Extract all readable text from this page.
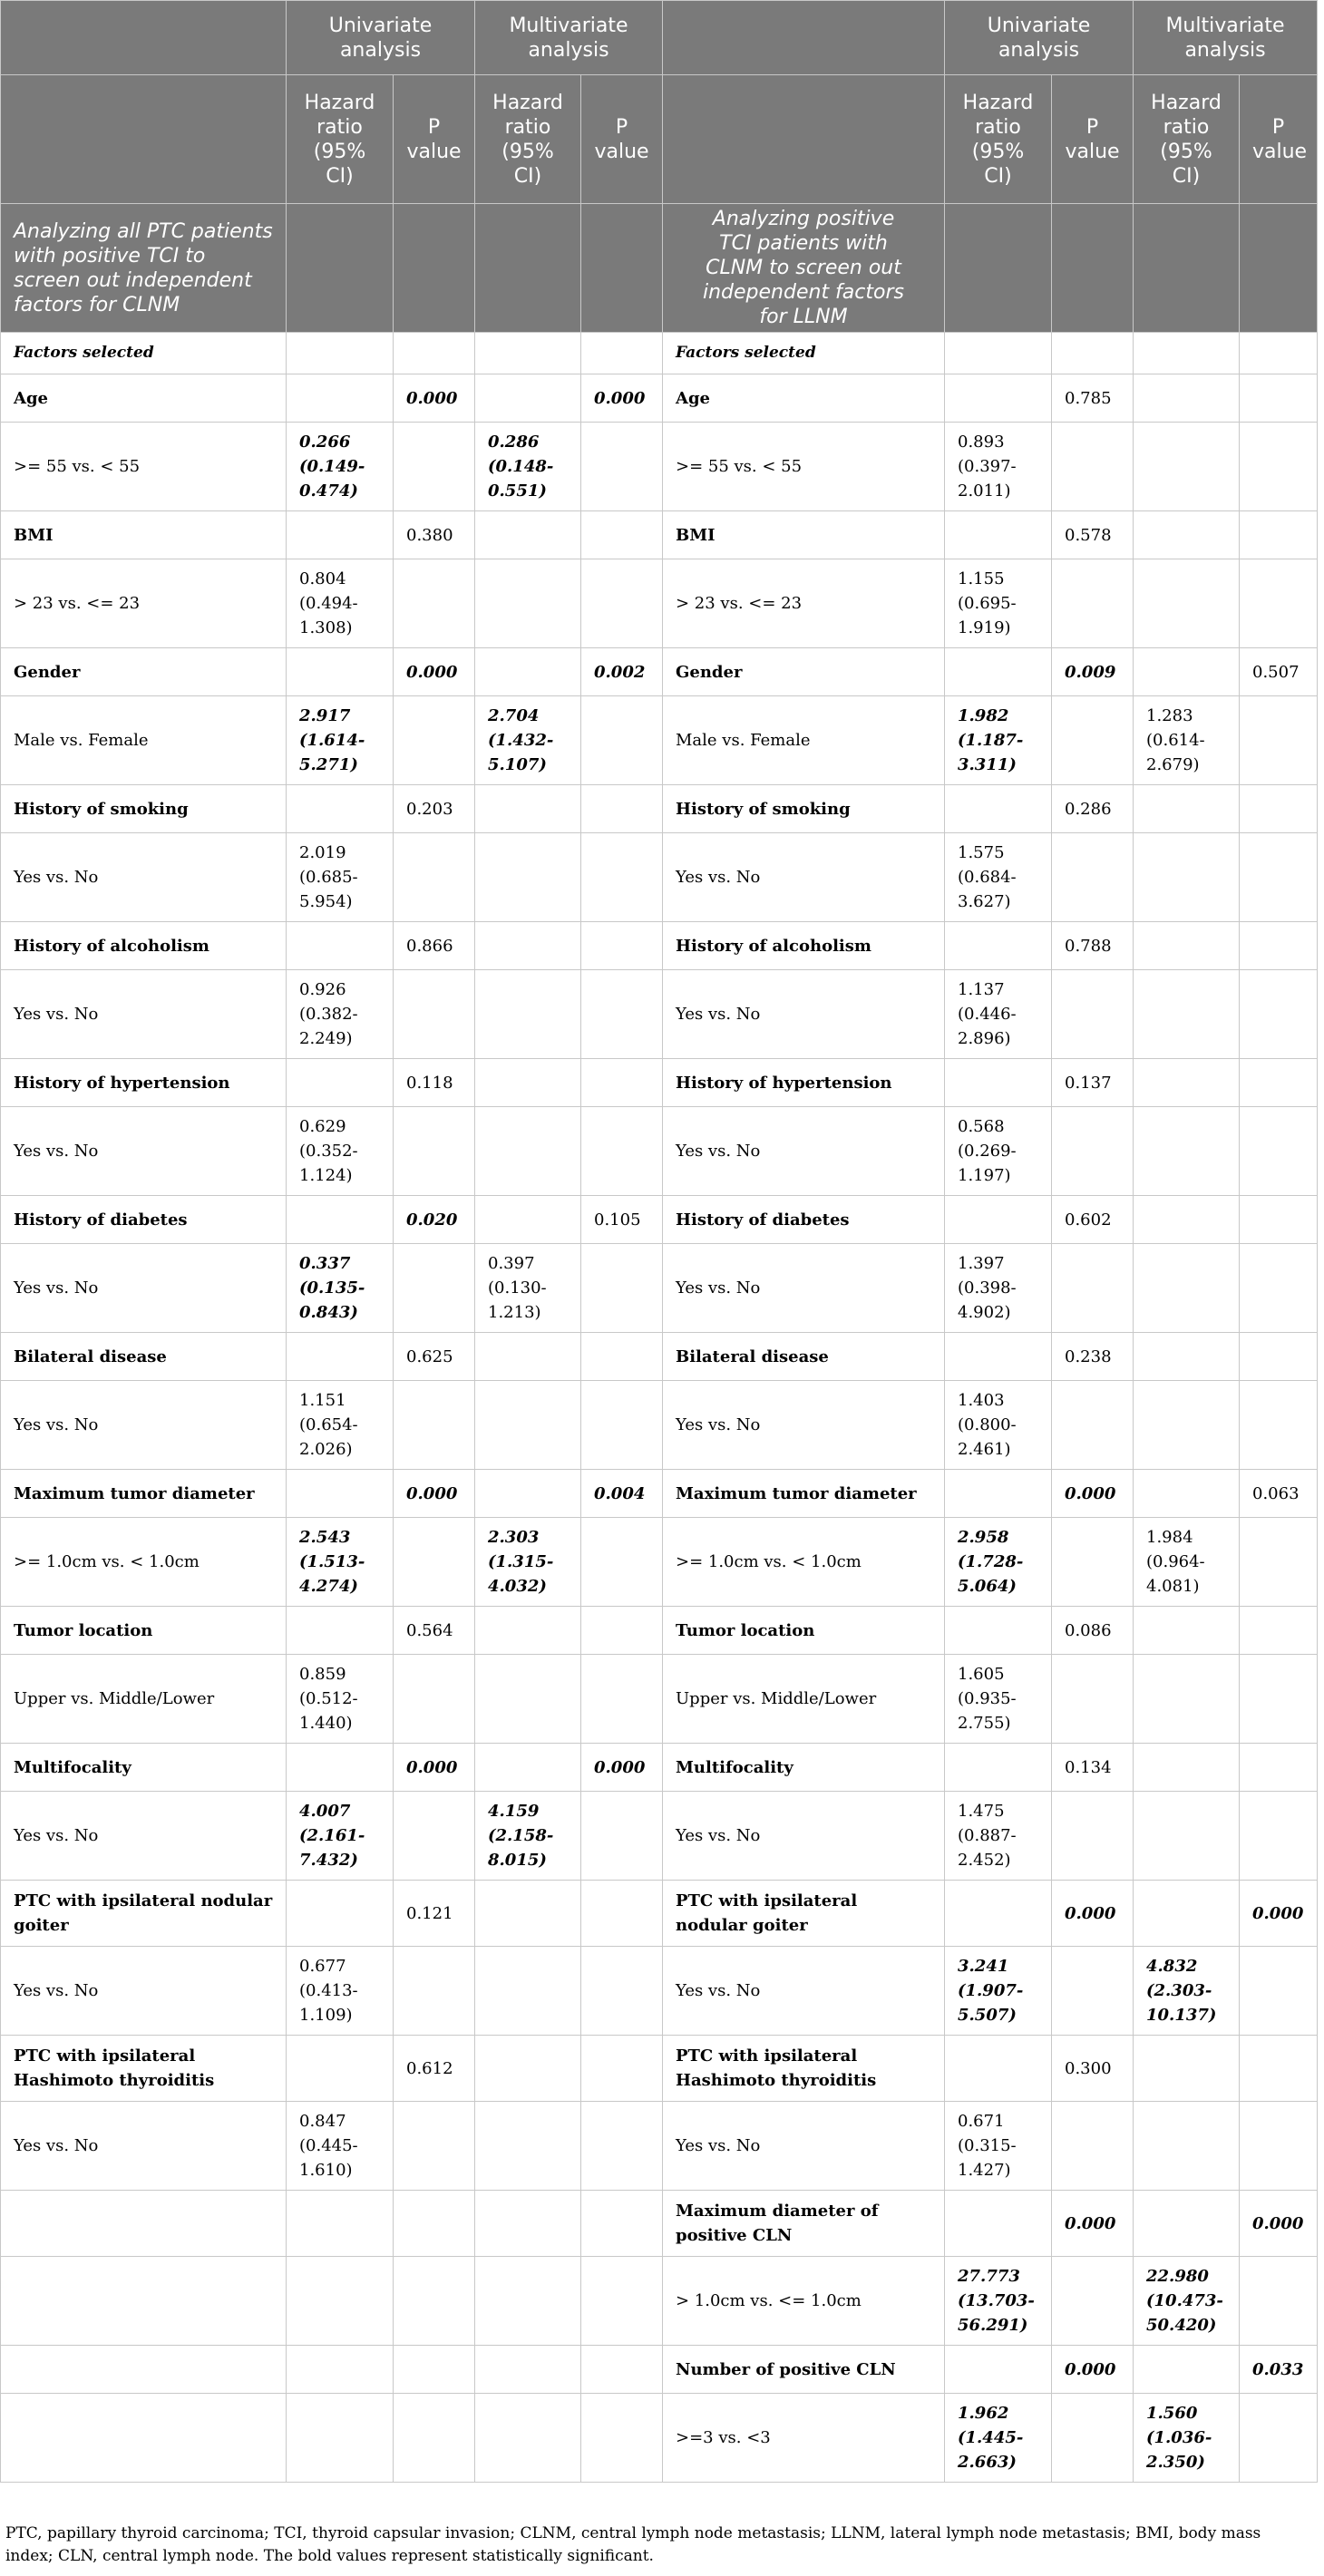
	Univariate analysis		Multivariate analysis			Univariate analysis		Multivariate analysis	
	Hazard ratio (95% CI)	P value	Hazard ratio (95% CI)	P value		Hazard ratio (95% CI)	P value	Hazard ratio (95% CI)	P value
Analyzing all PTC patients with positive TCI to screen out independent factors for CLNM					Analyzing positive TCI patients with CLNM to screen out independent factors for LLNM				
Factors selected					Factors selected				
Age		0.000		0.000	Age		0.785		
>= 55 vs. < 55	0.266 (0.149-0.474)		0.286 (0.148-0.551)		>= 55 vs. < 55	0.893 (0.397-2.011)			
BMI		0.380			BMI		0.578		
> 23 vs. <= 23	0.804 (0.494-1.308)				> 23 vs. <= 23	1.155 (0.695-1.919)			
Gender		0.000		0.002	Gender		0.009		0.507
Male vs. Female	2.917 (1.614-5.271)		2.704 (1.432-5.107)		Male vs. Female	1.982 (1.187-3.311)		1.283 (0.614-2.679)	
History of smoking		0.203			History of smoking		0.286		
Yes vs. No	2.019 (0.685-5.954)				Yes vs. No	1.575 (0.684-3.627)			
History of alcoholism		0.866			History of alcoholism		0.788		
Yes vs. No	0.926 (0.382-2.249)				Yes vs. No	1.137 (0.446-2.896)			
History of hypertension		0.118			History of hypertension		0.137		
Yes vs. No	0.629 (0.352-1.124)				Yes vs. No	0.568 (0.269-1.197)			
History of diabetes		0.020		0.105	History of diabetes		0.602		
Yes vs. No	0.337 (0.135-0.843)		0.397 (0.130-1.213)		Yes vs. No	1.397 (0.398-4.902)			
Bilateral disease		0.625			Bilateral disease		0.238		
Yes vs. No	1.151 (0.654-2.026)				Yes vs. No	1.403 (0.800-2.461)			
Maximum tumor diameter		0.000		0.004	Maximum tumor diameter		0.000		0.063
>= 1.0cm vs. < 1.0cm	2.543 (1.513-4.274)		2.303 (1.315-4.032)		>= 1.0cm vs. < 1.0cm	2.958 (1.728-5.064)		1.984 (0.964-4.081)	
Tumor location		0.564			Tumor location		0.086		
Upper vs. Middle/Lower	0.859 (0.512-1.440)				Upper vs. Middle/Lower	1.605 (0.935-2.755)			
Multifocality		0.000		0.000	Multifocality		0.134		
Yes vs. No	4.007 (2.161-7.432)		4.159 (2.158-8.015)		Yes vs. No	1.475 (0.887-2.452)			
PTC with ipsilateral nodular goiter		0.121			PTC with ipsilateral nodular goiter		0.000		0.000
Yes vs. No	0.677 (0.413-1.109)				Yes vs. No	3.241 (1.907-5.507)		4.832 (2.303-10.137)	
PTC with ipsilateral Hashimoto thyroiditis		0.612			PTC with ipsilateral Hashimoto thyroiditis		0.300		
Yes vs. No	0.847 (0.445-1.610)				Yes vs. No	0.671 (0.315-1.427)			
					Maximum diameter of positive CLN		0.000		0.000
					> 1.0cm vs. <= 1.0cm	27.773 (13.703-56.291)		22.980 (10.473-50.420)	
					Number of positive CLN		0.000		0.033
					>=3 vs. <3	1.962 (1.445-2.663)		1.560 (1.036-2.350)	
PTC, papillary thyroid carcinoma; TCI, thyroid capsular invasion; CLNM, central lymph node metastasis; LLNM, lateral lymph node metastasis; BMI, body mass index; CLN, central lymph node. The bold values represent statistically significant.
